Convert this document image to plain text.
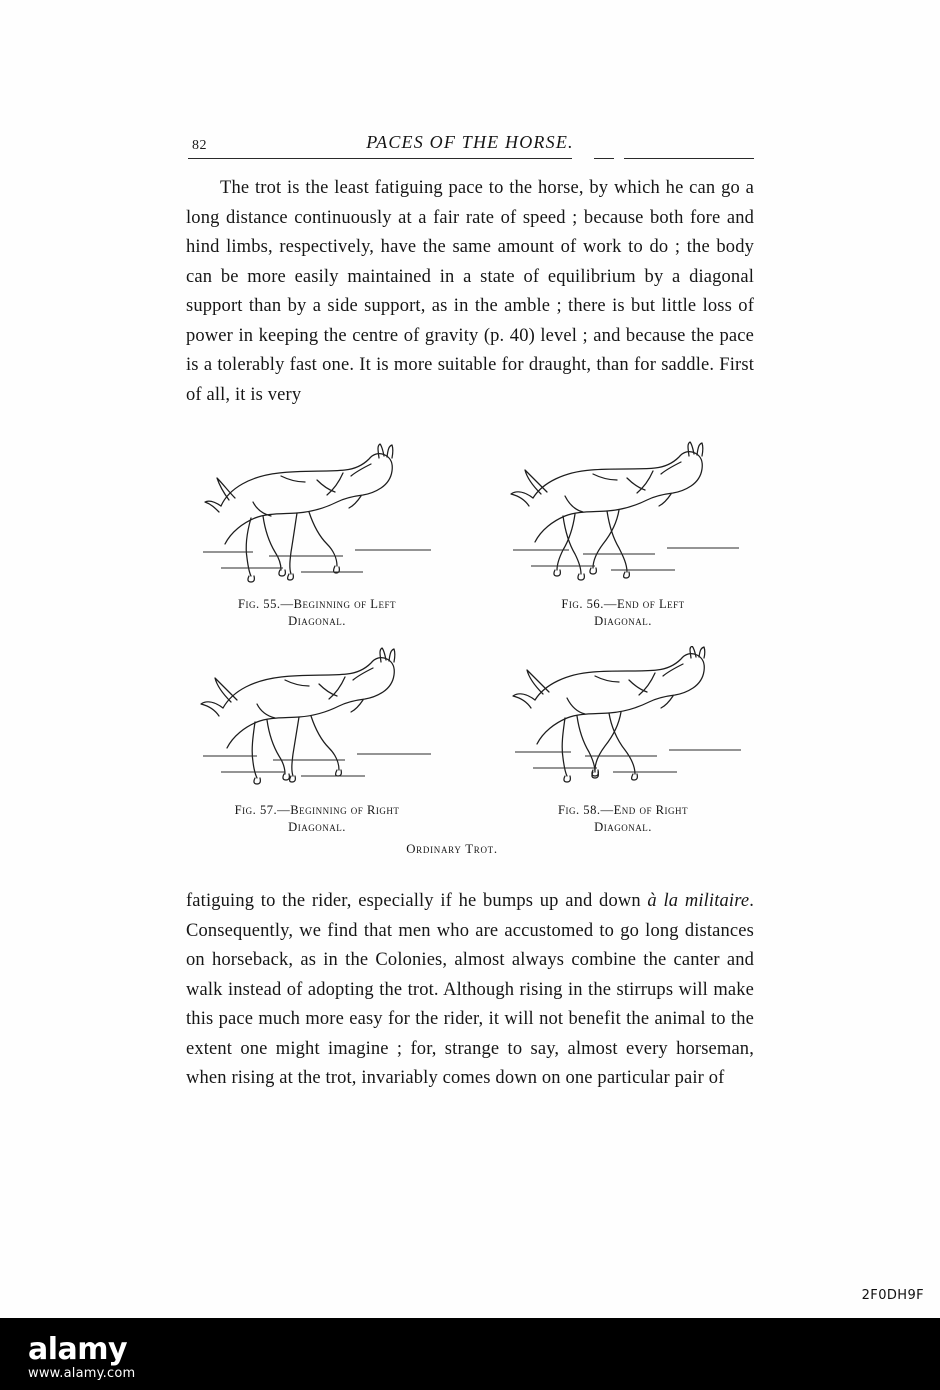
82	PACES OF THE HORSE.

The trot is the least fatiguing pace to the horse, by which he can go a long distance continuously at a fair rate of speed ; because both fore and hind limbs, respectively, have the same amount of work to do ; the body can be more easily maintained in a state of equilibrium by a diagonal support than by a side support, as in the amble ; there is but little loss of power in keeping the centre of gravity (p. 40) level ; and because the pace is a tolerably fast one. It is more suitable for draught, than for saddle. First of all, it is very

Fig. 55.—Beginning of Left
Diagonal.
Fig. 56.—End of Left
Diagonal.
Fig. 57.—Beginning of Right
Diagonal.
Fig. 58.—End of Right
Diagonal.
Ordinary Trot.

fatiguing to the rider, especially if he bumps up and down à la militaire. Consequently, we find that men who are accustomed to go long distances on horseback, as in the Colonies, almost always combine the canter and walk instead of adopting the trot. Although rising in the stirrups will make this pace much more easy for the rider, it will not benefit the animal to the extent one might imagine ; for, strange to say, almost every horseman, when rising at the trot, invariably comes down on one particular pair of

2F0DH9F
alamy
www.alamy.com
